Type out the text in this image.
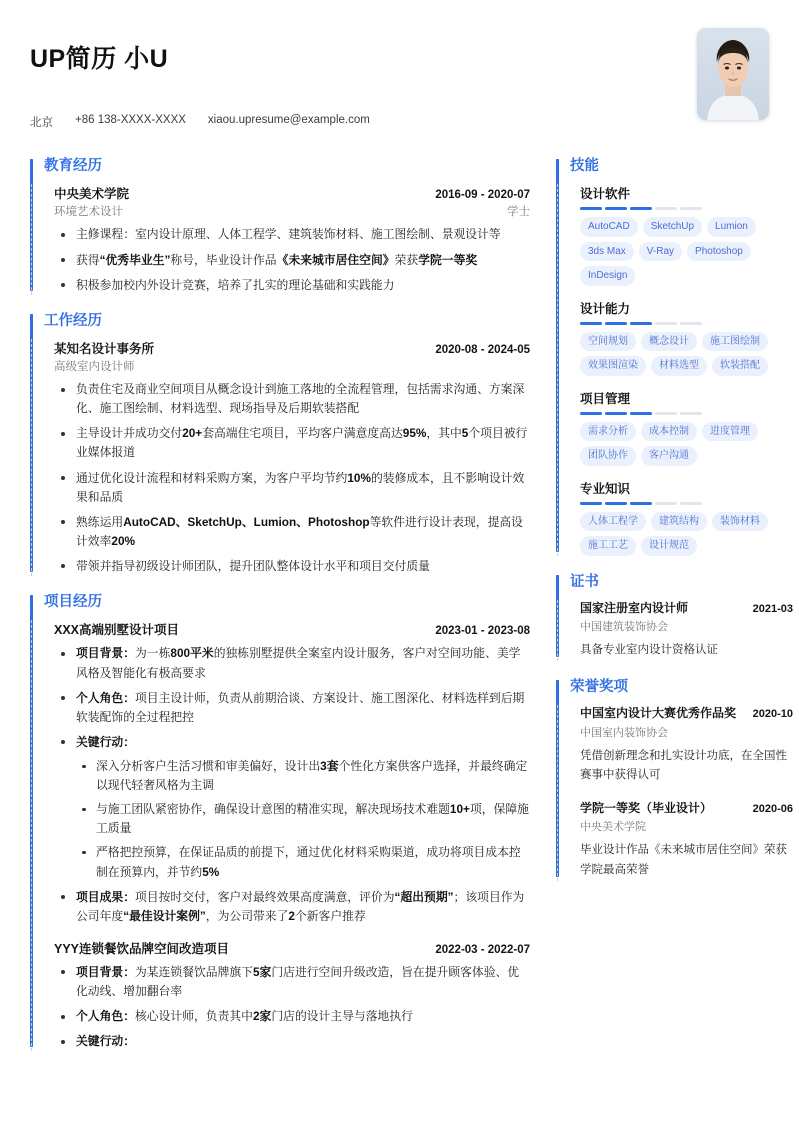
UP简历 小U
北京 +86 138-XXXX-XXXX xiaou.upresume@example.com
教育经历
中央美术学院	2016-09 - 2020-07
环境艺术设计	学士
主修课程：室内设计原理、人体工程学、建筑装饰材料、施工图绘制、景观设计等
获得“优秀毕业生”称号，毕业设计作品《未来城市居住空间》荣获学院一等奖
积极参加校内外设计竞赛，培养了扎实的理论基础和实践能力
工作经历
某知名设计事务所	2020-08 - 2024-05
高级室内设计师
负责住宅及商业空间项目从概念设计到施工落地的全流程管理，包括需求沟通、方案深化、施工图绘制、材料选型、现场指导及后期软装搭配
主导设计并成功交付20+套高端住宅项目，平均客户满意度高达95%，其中5个项目被行业媒体报道
通过优化设计流程和材料采购方案，为客户平均节约10%的装修成本，且不影响设计效果和品质
熟练运用AutoCAD、SketchUp、Lumion、Photoshop等软件进行设计表现，提高设计效率20%
带领并指导初级设计师团队，提升团队整体设计水平和项目交付质量
项目经历
XXX高端别墅设计项目	2023-01 - 2023-08
项目背景：为一栋800平米的独栋别墅提供全案室内设计服务，客户对空间功能、美学风格及智能化有极高要求
个人角色：项目主设计师，负责从前期洽谈、方案设计、施工图深化、材料选样到后期软装配饰的全过程把控
关键行动：
深入分析客户生活习惯和审美偏好，设计出3套个性化方案供客户选择，并最终确定以现代轻奢风格为主调
与施工团队紧密协作，确保设计意图的精准实现，解决现场技术难题10+项，保障施工质量
严格把控预算，在保证品质的前提下，通过优化材料采购渠道，成功将项目成本控制在预算内，并节约5%
项目成果：项目按时交付，客户对最终效果高度满意，评价为“超出预期”；该项目作为公司年度“最佳设计案例”，为公司带来了2个新客户推荐
YYY连锁餐饮品牌空间改造项目	2022-03 - 2022-07
项目背景：为某连锁餐饮品牌旗下5家门店进行空间升级改造，旨在提升顾客体验、优化动线、增加翻台率
个人角色：核心设计师，负责其中2家门店的设计主导与落地执行
关键行动：
技能
设计软件
AutoCAD	SketchUp	Lumion
3ds Max	V-Ray	Photoshop
InDesign
设计能力
空间规划	概念设计	施工图绘制
效果图渲染	材料选型	软装搭配
项目管理
需求分析	成本控制	进度管理
团队协作	客户沟通
专业知识
人体工程学	建筑结构	装饰材料
施工工艺	设计规范
证书
国家注册室内设计师	2021-03
中国建筑装饰协会
具备专业室内设计资格认证
荣誉奖项
中国室内设计大赛优秀作品奖 2020-10
中国室内装饰协会
凭借创新理念和扎实设计功底，在全国性赛事中获得认可
学院一等奖（毕业设计）	2020-06
中央美术学院
毕业设计作品《未来城市居住空间》荣获学院最高荣誉
